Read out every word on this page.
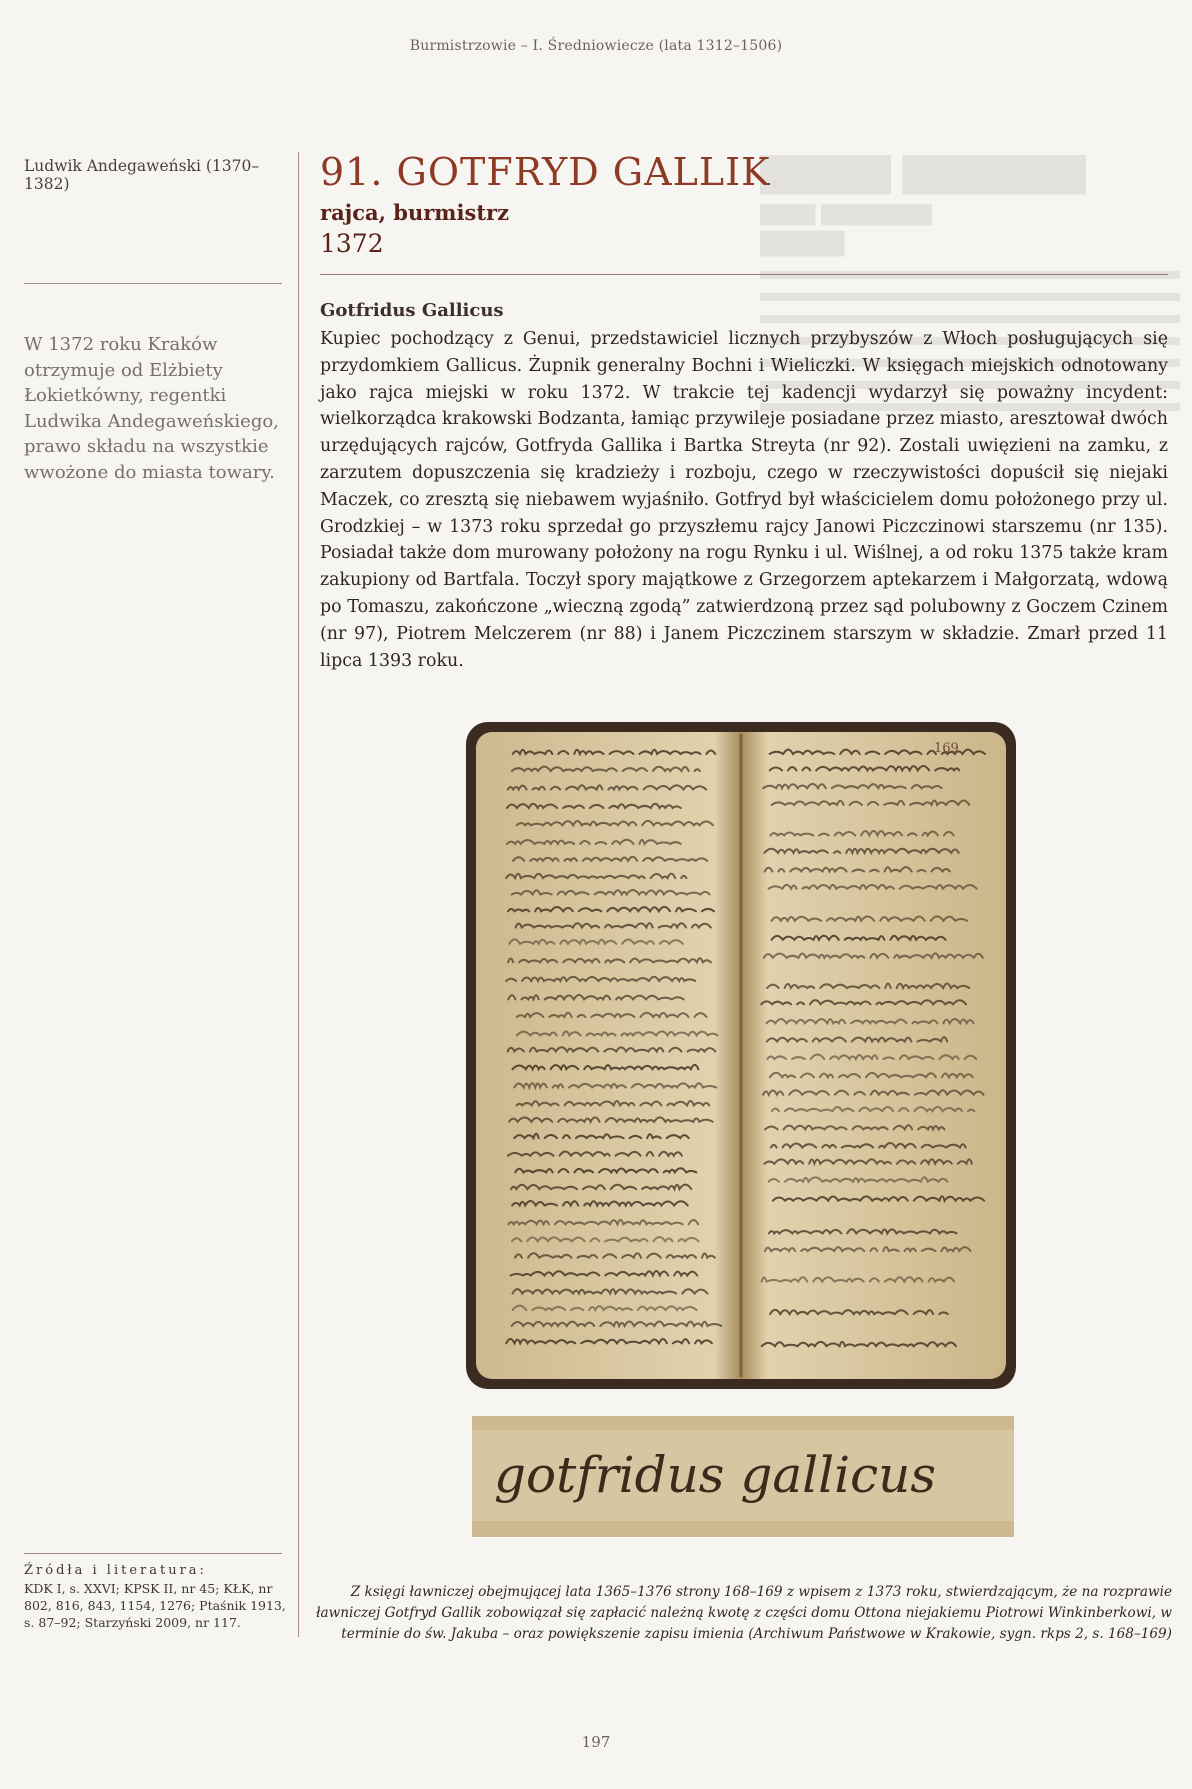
Burmistrzowie – I. Średniowiecze (lata 1312–1506)
█████ ███████
████ ████████
█████
Ludwik Andegaweński (1370–1382)
W 1372 roku Kraków otrzymuje od Elżbiety Łokietkówny, regentki Ludwika Andegaweńskiego, prawo składu na wszystkie wwożone do miasta towary.
Źródła i literatura:
KDK I, s. XXVI; KPSK II, nr 45; KŁK, nr 802, 816, 843, 1154, 1276; Ptaśnik 1913, s. 87–92; Starzyński 2009, nr 117.
91. GOTFRYD GALLIK
rajca, burmistrz
1372
Gotfridus Gallicus
Kupiec pochodzący z Genui, przedstawiciel licznych przybyszów z Włoch posługujących się przydomkiem Gallicus. Żupnik generalny Bochni i Wieliczki. W księgach miejskich odnotowany jako rajca miejski w roku 1372. W trakcie tej kadencji wydarzył się poważny incydent: wielkorządca krakowski Bodzanta, łamiąc przywileje posiadane przez miasto, aresztował dwóch urzędujących rajców, Gotfryda Gallika i Bartka Streyta (nr 92). Zostali uwięzieni na zamku, z zarzutem dopuszczenia się kradzieży i rozboju, czego w rzeczywistości dopuścił się niejaki Maczek, co zresztą się niebawem wyjaśniło. Gotfryd był właścicielem domu położonego przy ul. Grodzkiej – w 1373 roku sprzedał go przyszłemu rajcy Janowi Piczczinowi starszemu (nr 135). Posiadał także dom murowany położony na rogu Rynku i ul. Wiślnej, a od roku 1375 także kram zakupiony od Bartfala. Toczył spory majątkowe z Grzegorzem aptekarzem i Małgorzatą, wdową po Tomaszu, zakończone „wieczną zgodą” zatwierdzoną przez sąd polubowny z Goczem Czinem (nr 97), Piotrem Melczerem (nr 88) i Janem Piczczinem starszym w składzie. Zmarł przed 11 lipca 1393 roku.
169
gotfridus gallicus
Z księgi ławniczej obejmującej lata 1365–1376 strony 168–169 z wpisem z 1373 roku, stwierdzającym, że na rozprawie ławniczej Gotfryd Gallik zobowiązał się zapłacić należną kwotę z części domu Ottona niejakiemu Piotrowi Winkinberkowi, w terminie do św. Jakuba – oraz powiększenie zapisu imienia (Archiwum Państwowe w Krakowie, sygn. rkps 2, s. 168–169)
197
